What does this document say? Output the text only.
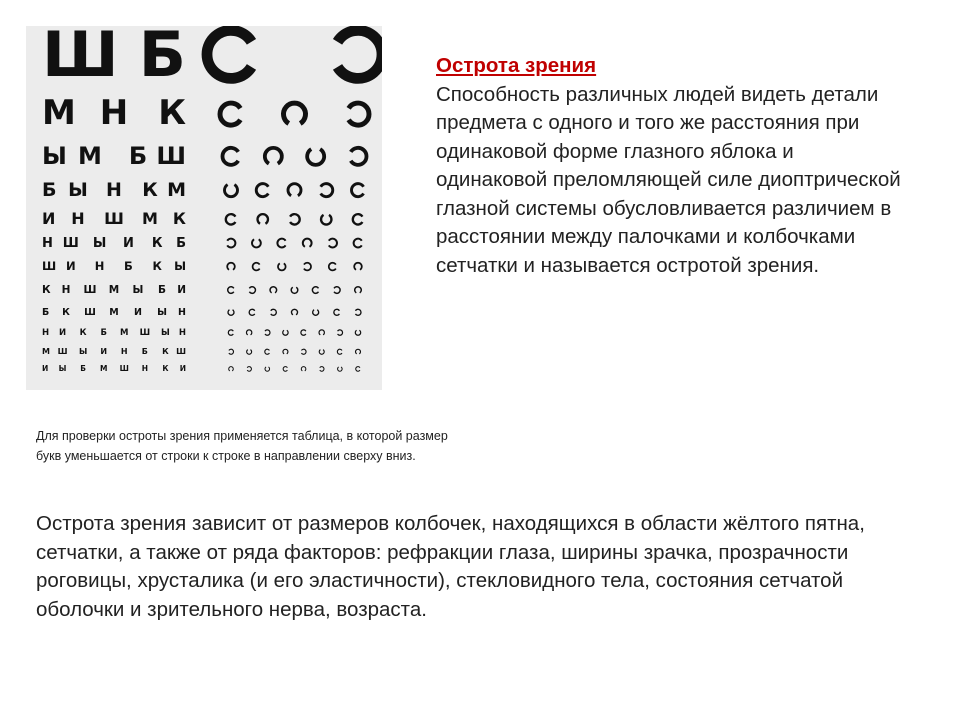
Ш Б
М Н К
Ы М Б Ш
Б Ы Н К М
И Н Ш М К
Н Ш Ы И К Б
Ш И Н Б К Ы
К Н Ш М Ы Б И
Б К Ш М И Ы Н
Н И К Б М Ш Ы Н
М Ш Ы И Н Б К Ш
И Ы Б М Ш Н К И
Острота зрения
Способность различных людей видеть детали предмета с одного и того же расстояния при одинаковой форме глазного яблока и одинаковой преломляющей силе диоптрической глазной системы обусловливается различием в расстоянии между палочками и колбочками сетчатки и называется остротой зрения.
Для проверки остроты зрения применяется таблица, в которой размер букв уменьшается от строки к строке в направлении сверху вниз.
Острота зрения зависит от размеров колбочек, находящихся в области жёлтого пятна, сетчатки, а также от ряда факторов: рефракции глаза, ширины зрачка, прозрачности роговицы, хрусталика (и его эластичности), стекловидного тела, состояния сетчатой оболочки и зрительного нерва, возраста.
